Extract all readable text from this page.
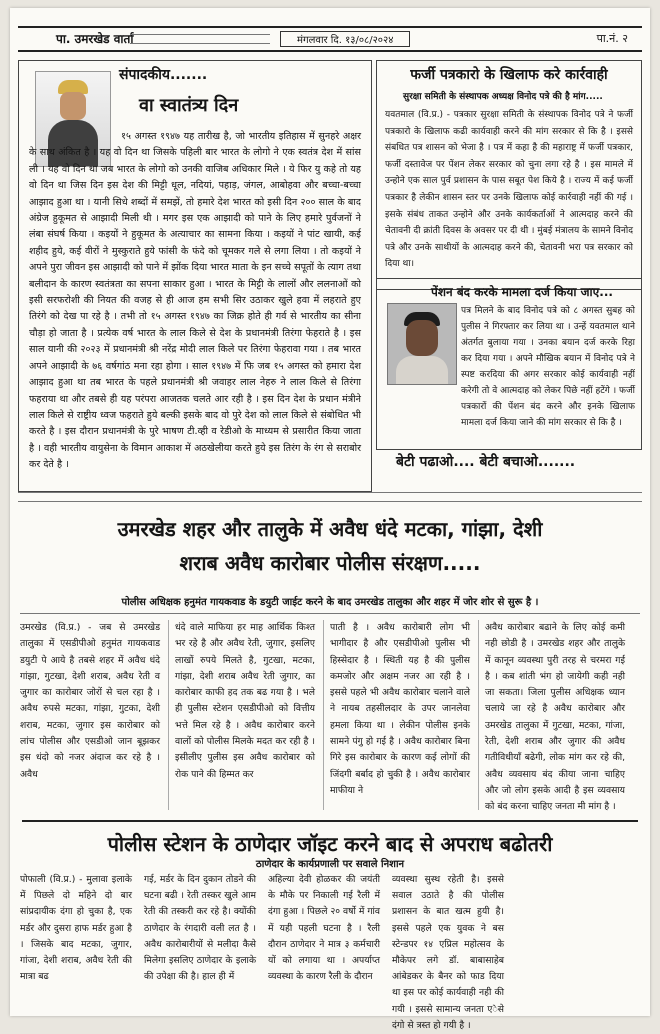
पा. उमरखेड वार्ता	मंगलवार दि. १३/०८/२०२४	पा.नं. २
संपादकीय.......
वा स्वातंत्र्य दिन
१५ अगस्त १९४७ यह तारीख है, जो भारतीय इतिहास में सुनहरे अक्षर के साथ अंकित है । यह वो दिन था जिसके पहिली बार भारत के लोगो ने एक स्वतंत्र देश में सांस ली । यह वो दिन था जब भारत के लोगो को उनकी वाजिब अधिकार मिले । ये फिर यु कहे तो यह वो दिन था जिस दिन इस देश की मिट्टी धूल, नदियां, पहाड़, जंगल, आबोहवा और बच्चा-बच्चा आझाद हुआ था । यानी सिधे शब्दों में समझें, तो हमारे देश भारत को इसी दिन २०० साल के बाद अंग्रेज हुकूमत से आझादी मिली थी । मगर इस एक आझादी को पाने के लिए हमारे पुर्वजनों ने लंबा संघर्ष किया । कइयों ने हुकूमत के अत्याचार का सामना किया । कइयों ने पांट खायी, कई शहीद हुये, कई वीरों ने मुस्कुराते हुये फांसी के फंदे को चूमकर गले से लगा लिया । तो कइयों ने अपने पुरा जीवन इस आझादी को पाने में झोंक दिया भारत माता के इन सच्चे सपूतों के त्याग तथा बलीदान के कारण स्वतंत्रता का सपना साकार हुआ । भारत के मिट्टी के लालों और ललनाओं को इसी सरफरोशी की नियत की वजह से ही आज हम सभी सिर उठाकर खुले हवा में लहराते हुए तिरंगे को देख पा रहे है । तभी तो १५ अगस्त १९४७ का जिक्र होते ही गर्व से भारतीय का सीना चौड़ा हो जाता है । प्रत्येक वर्ष भारत के लाल किले से देश के प्रधानमंत्री तिरंगा फेहराते है । इस साल यानी की २०२३ में प्रधानमंत्री श्री नरेंद्र मोदी लाल किले पर तिरंगा फेहरावा गया । तब भारत अपने आझादी के ७६ वर्षगांठ मना रहा होगा । साल १९४७ में फि जब १५ अगस्त को हमारा देश आझाद हुआ था तब भारत के पहले प्रधानमंत्री श्री जवाहर लाल नेहरु ने लाल किले से तिरंगा फहराया था और तबसे ही यह परंपरा आजतक चलते आर रही है । इस दिन देश के प्रधान मंत्रीने लाल किले से राष्ट्रीय ध्वज फहराते हुये बल्की इसके बाद वो पुरे देश को लाल किले से संबोधित भी करते है । इस दौरान प्रधानमंत्री के पुरे भाषण टी.व्ही व रेडीओ के माध्यम से प्रसारीत किया जाता है । वही भारतीय वायुसेना के विमान आकाश में अठखेलीया करते हुये इस तिरंग के रंग से सराबोर कर देते है ।
फर्जी पत्रकारो के खिलाफ करे कार्रवाही
सुरक्षा समिती के संस्थापक अध्यक्ष विनोद पत्रे की है मांग.....
यवतमाल (वि.प्र.) - पत्रकार सुरक्षा समिती के संस्थापक विनोद पत्रे ने फर्जी पत्रकारो के खिलाफ कढी कार्यवाही करने की मांग सरकार से कि है । इससे संबधित पत्र शासन को भेजा है । पत्र में कहा है की महाराष्ट्र में फर्जी पत्रकार, फर्जी दस्तावेज पर पेंशन लेकर सरकार को चुना लगा रहे है । इस मामले में उन्होने एक साल पुर्व प्रशासन के पास सबूत पेश किये है । राज्य में कई फर्जी पत्रकार है लेकीन शासन स्तर पर उनके खिलाफ कोई कार्रवाही नहीं की गई । इसके संबंध ताकत उन्होने और उनके कार्यकर्ताओं ने आत्मदाह करने की चेतावनी दी क्रांती दिवस के अवसर पर दी थी । मुंबई मंत्रालय के सामने विनोद पत्रे और उनके साथीयों के आत्मदाह करने की, चेतावनी भरा पत्र सरकार को दिया था।
पेंशन बंद करके मामला दर्ज किया जाए...
पत्र मिलने के बाद विनोद पत्रे को ८ अगस्त सुबह को पुलीस ने गिरफ्तार कर लिया था । उन्हें यवतमाल थाने अंतर्गत बुलाया गया । उनका बयान दर्ज करके रिहा कर दिया गया । अपने मौखिक बयान में विनोद पत्रे ने स्पष्ट करदिया की अगर सरकार कोई कार्यवाही नहीं करेगी तो वे आत्मदाह को लेकर पिछे नहीं हटेंगे । फर्जी पत्रकारों की पेंशन बंद करने और इनके खिलाफ मामला दर्ज किया जाने की मांग सरकार से कि है ।
बेटी पढाओ.... बेटी बचाओ.......
उमरखेड शहर और तालुके में अवैध धंदे मटका, गांझा, देशी
शराब अवैध कारोबार पोलीस संरक्षण.....
पोलीस अधिक्षक हनुमंत गायकवाड के डयुटी जाईट करने के बाद उमरखेड तालुका और शहर में जोर शोर से सुरू है ।
उमरखेड (वि.प्र.) - जब से उमरखेड तालुका में एसडीपीओ हनुमंत गायकवाड डयुटी पे आये है तबसे शहर में अवैध धंदे गांझा, गुटखा, देशी शराब, अवैध रेती व जुगार का कारोबार जोरों से चल रहा है । अवैध रुपसे मटका, गांझा, गुटका, देशी शराब, मटका, जुगार इस कारोबार को लांच पोलीस और एसडीओ जान बूझकर इस धंदो को नजर अंदाज कर रहे है । अवैध
धंदे वाले माफिया हर माह आर्थिक किश्त भर रहे है और अवैध रेती, जुगार, इसलिए लाखों रुपये मिलते है, गुटखा, मटका, गांझा, देशी शराब अवैध रेती जुगार, का कारोबार काफी हद तक बढ गया है । भले ही पुलीस स्टेशन एसडीपीओ को वित्तीय भत्ते मिल रहे है । अवैध कारोबार करने वालों को पोलीस मिलके मदत कर रही है । इसीलीए पुलीस इस अवैध कारोबार को रोक पाने की हिम्मत कर
पाती है । अवैध कारोबारी लोग भी भागीदार है और एसडीपीओ पुलीस भी हिस्सेदार है । स्थिती यह है की पुलीस कमजोर और अक्षम नजर आ रही है । इससे पहले भी अवैध कारोबार चलाने वाले ने नायब तहसीलदार के उपर जानलेवा हमला किया था । लेकीन पोलीस इनके सामने पंगु हो गई है । अवैध कारोबार बिना गिरे इस कारोबार के कारण कई लोगों की जिंदगी बर्बाद हो चुकी है । अवैध कारोबार माफीया ने
अवैध कारोबार बढाने के लिए कोई कमी नही छोडी है । उमरखेड शहर और तालुके में कानून व्यवस्था पुरी तरह से चरमरा गई है । कब शांती भंग हो जायेगी कही नही जा सकता। जिला पुलीस अधिक्षक ध्यान चलाये जा रहे है अवैध कारोबार और उमरखेड तालुका में गुटखा, मटका, गांजा, रेती, देशी शराब और जुगार की अवैध गतीविधीयाँ बढेगी, लोक मांग कर रहे की, अवैध व्यवसाय बंद कीया जाना चाहिए और जो लोग इसके आदी है इस व्यवसाय को बंद करना चाहिए जनता मी मांग है ।
पोलीस स्टेशन के ठाणेदार जॉइट करने बाद से अपराध बढोतरी
ठाणेदार के कार्यप्रणाली पर सवाले निशान
पोफाली (वि.प्र.) - मुलावा इलाके में पिछले दो महिने दो बार सांप्रदायीक दंगा हो चुका है, एक मर्डर और दुसरा हाफ मर्डर हुआ है । जिसके बाद मटका, जुगार, गांजा, देशी शराब, अवैध रेती की मात्रा बढ
गई, मर्डर के दिन दुकान तोडने की घटना बढी । रेती तस्कर खुले आम रेती की तस्करी कर रहे है। क्योंकी ठाणेदार के रंगदारी वली लत है । अवैध कारोबारीयों से मलीदा कैसे मिलेगा इसलिए ठाणेदार के इलाके की उपेक्षा की है। हाल ही में
अहिल्या देवी होळकर की जयंती के मौके पर निकाली गई रैली में दंगा हुआ । पिछले २० वर्षो में गांव में यही पहली घटना है । रैली दौरान ठाणेदार ने मात्र ३ कर्मचारी यों को लगाया था । अपर्याप्त व्यवस्था के कारण रैली के दौरान
व्यवस्था सुस्थ रहेती है। इससे सवाल उठाते है की पोलीस प्रशासन के बात खत्म हुयी है। इससे पहले एक युवक ने बस स्टेन्डपर १४ एप्रिल महोत्सव के मौकेपर लगे डॉ. बाबासाहेब आंबेडकर के बैनर को फाड दिया था इस पर कोई कार्यवाही नही की गयी । इससे सामान्य जनता एेसे दंगो से त्रस्त हो गयी है ।
